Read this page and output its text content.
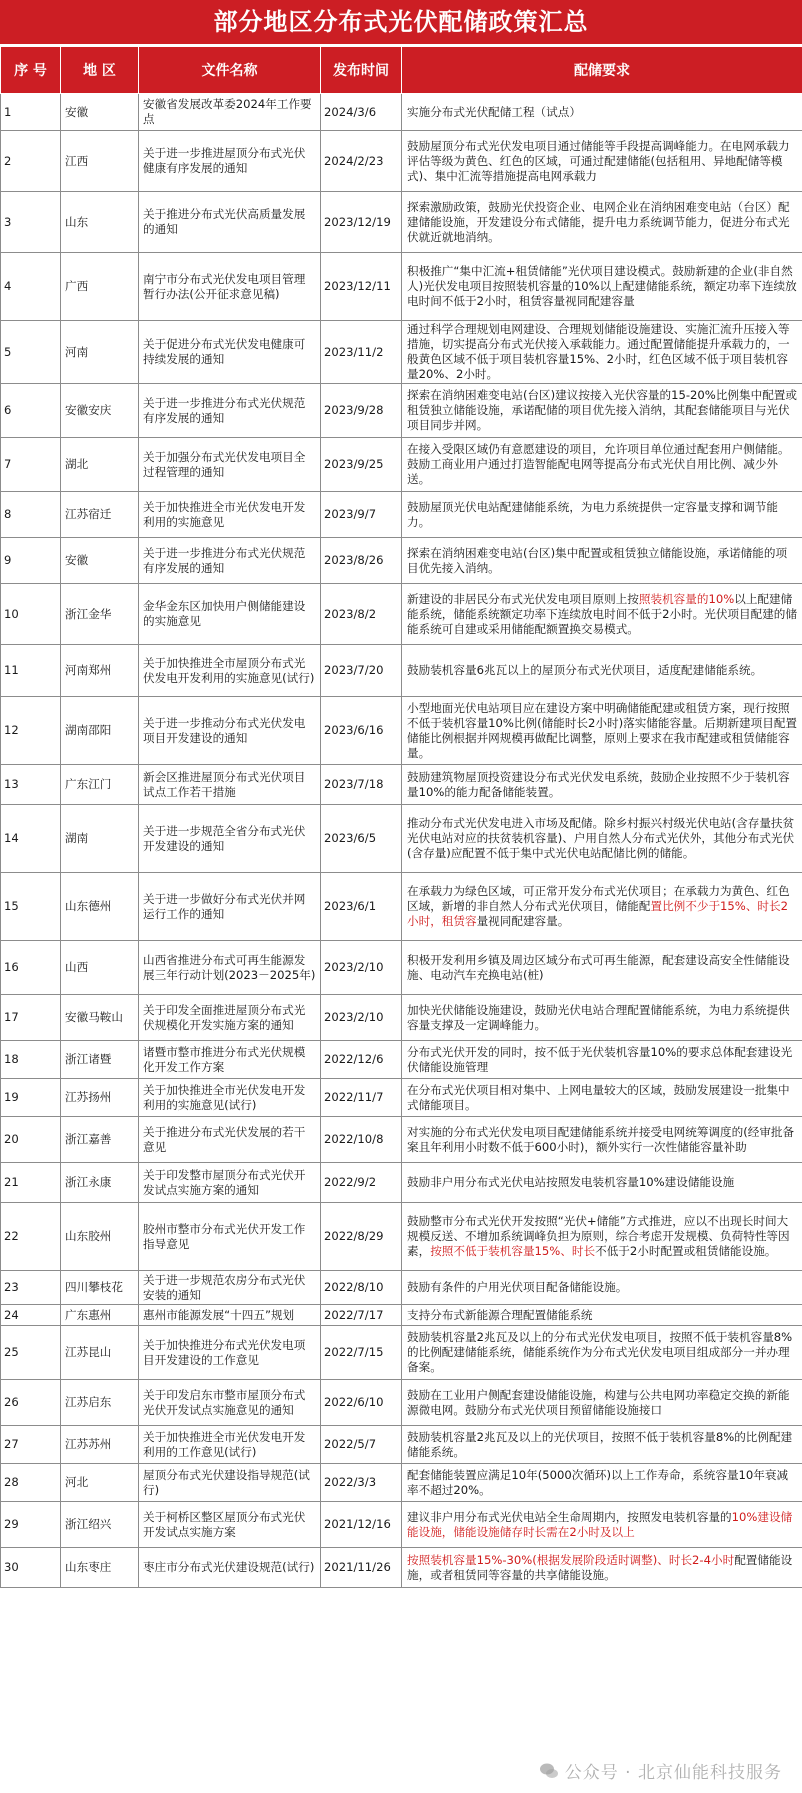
部分地区分布式光伏配储政策汇总
序 号	地 区	文件名称	发布时间	配储要求
1	安徽	安徽省发展改革委2024年工作要点	2024/3/6	实施分布式光伏配储工程（试点）
2	江西	关于进一步推进屋顶分布式光伏健康有序发展的通知	2024/2/23	鼓励屋顶分布式光伏发电项目通过储能等手段提高调峰能力。在电网承载力评估等级为黄色、红色的区域，可通过配建储能(包括租用、异地配储等模式)、集中汇流等措施提高电网承载力
3	山东	关于推进分布式光伏高质量发展的通知	2023/12/19	探索激励政策，鼓励光伏投资企业、电网企业在消纳困难变电站（台区）配建储能设施，开发建设分布式储能，提升电力系统调节能力，促进分布式光伏就近就地消纳。
4	广西	南宁市分布式光伏发电项目管理暂行办法(公开征求意见稿)	2023/12/11	积极推广“集中汇流+租赁储能”光伏项目建设模式。鼓励新建的企业(非自然人)光伏发电项目按照装机容量的10%以上配建储能系统，额定功率下连续放电时间不低于2小时，租赁容量视同配建容量
5	河南	关于促进分布式光伏发电健康可持续发展的通知	2023/11/2	通过科学合理规划电网建设、合理规划储能设施建设、实施汇流升压接入等措施，切实提高分布式光伏接入承载能力。通过配置储能提升承载力的，一般黄色区域不低于项目装机容量15%、2小时，红色区域不低于项目装机容量20%、2小时。
6	安徽安庆	关于进一步推进分布式光伏规范有序发展的通知	2023/9/28	探索在消纳困难变电站(台区)建议按接入光伏容量的15-20%比例集中配置或租赁独立储能设施，承诺配储的项目优先接入消纳，其配套储能项目与光伏项目同步并网。
7	湖北	关于加强分布式光伏发电项目全过程管理的通知	2023/9/25	在接入受限区域仍有意愿建设的项目，允许项目单位通过配套用户侧储能。鼓励工商业用户通过打造智能配电网等提高分布式光伏自用比例、减少外送。
8	江苏宿迁	关于加快推进全市光伏发电开发利用的实施意见	2023/9/7	鼓励屋顶光伏电站配建储能系统，为电力系统提供一定容量支撑和调节能力。
9	安徽	关于进一步推进分布式光伏规范有序发展的通知	2023/8/26	探索在消纳困难变电站(台区)集中配置或租赁独立储能设施，承诺储能的项目优先接入消纳。
10	浙江金华	金华金东区加快用户侧储能建设的实施意见	2023/8/2	新建设的非居民分布式光伏发电项目原则上按照装机容量的10%以上配建储能系统，储能系统额定功率下连续放电时间不低于2小时。光伏项目配建的储能系统可自建或采用储能配额置换交易模式。
11	河南郑州	关于加快推进全市屋顶分布式光伏发电开发利用的实施意见(试行)	2023/7/20	鼓励装机容量6兆瓦以上的屋顶分布式光伏项目，适度配建储能系统。
12	湖南邵阳	关于进一步推动分布式光伏发电项目开发建设的通知	2023/6/16	小型地面光伏电站项目应在建设方案中明确储能配建或租赁方案，现行按照不低于装机容量10%比例(储能时长2小时)落实储能容量。后期新建项目配置储能比例根据并网规模再做配比调整，原则上要求在我市配建或租赁储能容量。
13	广东江门	新会区推进屋顶分布式光伏项目试点工作若干措施	2023/7/18	鼓励建筑物屋顶投资建设分布式光伏发电系统，鼓励企业按照不少于装机容量10%的能力配备储能装置。
14	湖南	关于进一步规范全省分布式光伏开发建设的通知	2023/6/5	推动分布式光伏发电进入市场及配储。除乡村振兴村级光伏电站(含存量扶贫光伏电站对应的扶贫装机容量)、户用自然人分布式光伏外，其他分布式光伏(含存量)应配置不低于集中式光伏电站配储比例的储能。
15	山东德州	关于进一步做好分布式光伏并网运行工作的通知	2023/6/1	在承载力为绿色区域，可正常开发分布式光伏项目；在承载力为黄色、红色区域，新增的非自然人分布式光伏项目，储能配置比例不少于15%、时长2小时，租赁容量视同配建容量。
16	山西	山西省推进分布式可再生能源发展三年行动计划(2023－2025年)	2023/2/10	积极开发利用乡镇及周边区域分布式可再生能源，配套建设高安全性储能设施、电动汽车充换电站(桩)
17	安徽马鞍山	关于印发全面推进屋顶分布式光伏规模化开发实施方案的通知	2023/2/10	加快光伏储能设施建设，鼓励光伏电站合理配置储能系统，为电力系统提供容量支撑及一定调峰能力。
18	浙江诸暨	诸暨市整市推进分布式光伏规模化开发工作方案	2022/12/6	分布式光伏开发的同时，按不低于光伏装机容量10%的要求总体配套建设光伏储能设施管理
19	江苏扬州	关于加快推进全市光伏发电开发利用的实施意见(试行)	2022/11/7	在分布式光伏项目相对集中、上网电量较大的区域，鼓励发展建设一批集中式储能项目。
20	浙江嘉善	关于推进分布式光伏发展的若干意见	2022/10/8	对实施的分布式光伏发电项目配建储能系统并接受电网统筹调度的(经审批备案且年利用小时数不低于600小时)，额外实行一次性储能容量补助
21	浙江永康	关于印发整市屋顶分布式光伏开发试点实施方案的通知	2022/9/2	鼓励非户用分布式光伏电站按照发电装机容量10%建设储能设施
22	山东胶州	胶州市整市分布式光伏开发工作指导意见	2022/8/29	鼓励整市分布式光伏开发按照“光伏+储能”方式推进，应以不出现长时间大规模反送、不增加系统调峰负担为原则，综合考虑开发规模、负荷特性等因素，按照不低于装机容量15%、时长不低于2小时配置或租赁储能设施。
23	四川攀枝花	关于进一步规范农房分布式光伏安装的通知	2022/8/10	鼓励有条件的户用光伏项目配备储能设施。
24	广东惠州	惠州市能源发展“十四五”规划	2022/7/17	支持分布式新能源合理配置储能系统
25	江苏昆山	关于加快推进分布式光伏发电项目开发建设的工作意见	2022/7/15	鼓励装机容量2兆瓦及以上的分布式光伏发电项目，按照不低于装机容量8%的比例配建储能系统，储能系统作为分布式光伏发电项目组成部分一并办理备案。
26	江苏启东	关于印发启东市整市屋顶分布式光伏开发试点实施意见的通知	2022/6/10	鼓励在工业用户侧配套建设储能设施，构建与公共电网功率稳定交换的新能源微电网。鼓励分布式光伏项目预留储能设施接口
27	江苏苏州	关于加快推进全市光伏发电开发利用的工作意见(试行)	2022/5/7	鼓励装机容量2兆瓦及以上的光伏项目，按照不低于装机容量8%的比例配建储能系统。
28	河北	屋顶分布式光伏建设指导规范(试行)	2022/3/3	配套储能装置应满足10年(5000次循环)以上工作寿命，系统容量10年衰减率不超过20%。
29	浙江绍兴	关于柯桥区整区屋顶分布式光伏开发试点实施方案	2021/12/16	建议非户用分布式光伏电站全生命周期内，按照发电装机容量的10%建设储能设施，储能设施储存时长需在2小时及以上
30	山东枣庄	枣庄市分布式光伏建设规范(试行)	2021/11/26	按照装机容量15%-30%(根据发展阶段适时调整)、时长2-4小时配置储能设施，或者租赁同等容量的共享储能设施。
公众号 · 北京仙能科技服务
